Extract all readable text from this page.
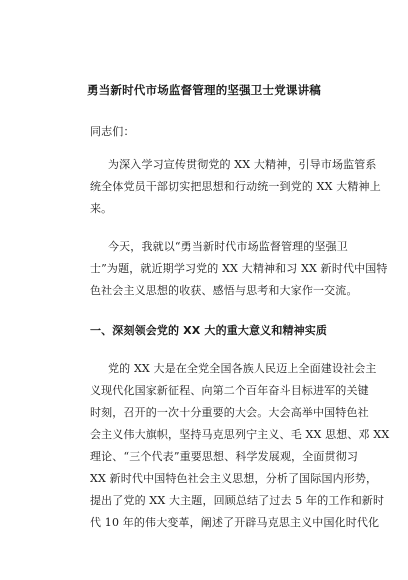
勇当新时代市场监督管理的坚强卫士党课讲稿
同志们：
为深入学习宣传贯彻党的 XX 大精神，引导市场监管系
统全体党员干部切实把思想和行动统一到党的 XX 大精神上
来。
今天，我就以“勇当新时代市场监督管理的坚强卫
士”为题，就近期学习党的 XX 大精神和习 XX 新时代中国特
色社会主义思想的收获、感悟与思考和大家作一交流。
一、深刻领会党的 XX 大的重大意义和精神实质
党的 XX 大是在全党全国各族人民迈上全面建设社会主
义现代化国家新征程、向第二个百年奋斗目标进军的关键
时刻，召开的一次十分重要的大会。大会高举中国特色社
会主义伟大旗帜，坚持马克思列宁主义、毛 XX 思想、邓 XX
理论、“三个代表”重要思想、科学发展观，全面贯彻习
XX 新时代中国特色社会主义思想，分析了国际国内形势，
提出了党的 XX 大主题，回顾总结了过去 5 年的工作和新时
代 10 年的伟大变革，阐述了开辟马克思主义中国化时代化
